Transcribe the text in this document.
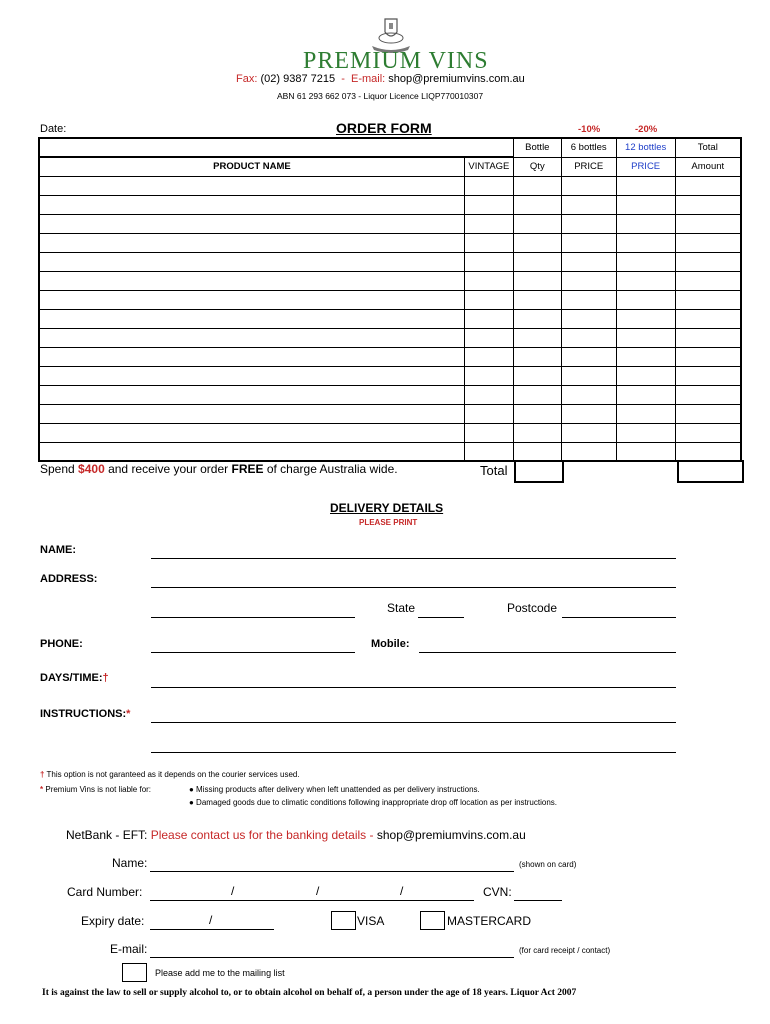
PREMIUM VINS
Fax: (02) 9387 7215  -  E-mail: shop@premiumvins.com.au
ABN 61 293 662 073 - Liquor Licence LIQP770010307
Date:	ORDER FORM	-10%	-20%
		Bottle	6 bottles	12 bottles	Total
PRODUCT NAME	VINTAGE	Qty	PRICE	PRICE	Amount

Spend $400 and receive your order FREE of charge Australia wide.	Total
DELIVERY DETAILS
PLEASE PRINT
NAME:
ADDRESS:
State	Postcode
PHONE:	Mobile:
DAYS/TIME:†
INSTRUCTIONS:*
† This option is not garanteed as it depends on the courier services used.
* Premium Vins is not liable for:	● Missing products after delivery when left unattended as per delivery instructions.
● Damaged goods due to climatic conditions following inappropriate drop off location as per instructions.
NetBank - EFT: Please contact us for the banking details - shop@premiumvins.com.au
Name:	(shown on card)
Card Number:	/	/	/	CVN:
Expiry date:	/	VISA	MASTERCARD
E-mail:	(for card receipt / contact)
Please add me to the mailing list
It is against the law to sell or supply alcohol to, or to obtain alcohol on behalf of, a person under the age of 18 years. Liquor Act 2007
